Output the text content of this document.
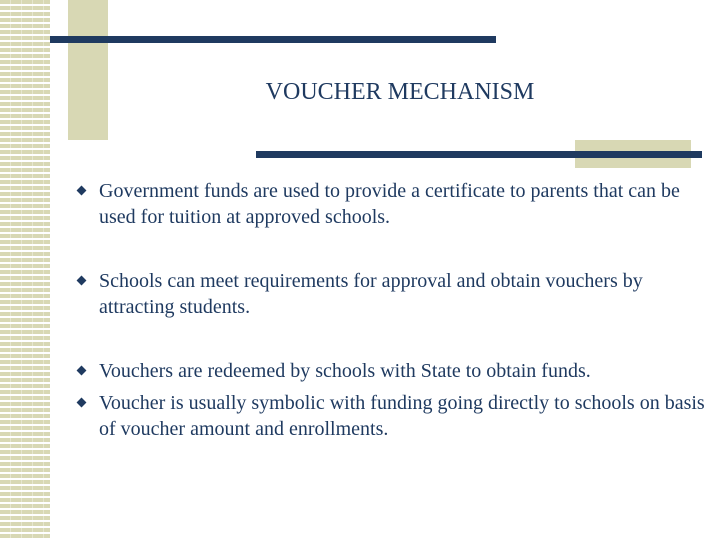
VOUCHER MECHANISM
Government funds are used to provide a certificate to parents that can be used for tuition at approved schools.
Schools can meet requirements for approval and obtain vouchers by attracting students.
Vouchers are redeemed by schools with State to obtain funds.
Voucher is usually symbolic with funding going directly to schools on basis of voucher amount and enrollments.
